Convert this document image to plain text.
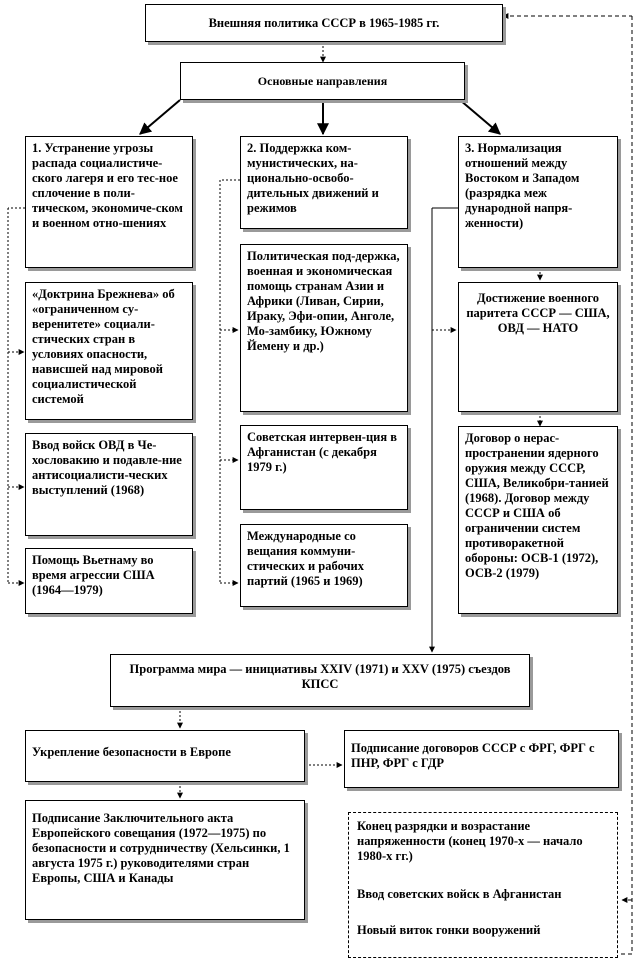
Внешняя политика СССР в 1965-1985 гг.
Основные направления
1. Устранение угрозы распада социалистиче-ского лагеря и его тес-ное сплочение в поли-тическом, экономиче-ском и военном отно-шениях
«Доктрина Брежнева» об «ограниченном су-веренитете» социали-стических стран в условиях опасности, нависшей над мировой социалистической системой
Ввод войск ОВД в Че-хословакию и подавле-ние антисоциалисти-ческих выступлений (1968)
Помощь Вьетнаму во время агрессии США (1964—1979)
2. Поддержка ком-мунистических, на-ционально-освобо-дительных движений и режимов
Политическая под-держка, военная и экономическая помощь странам Азии и Африки (Ливан, Сирии, Ираку, Эфи-опии, Анголе, Мо-замбику, Южному Йемену и др.)
Советская интервен-ция в Афганистан (с декабря 1979 г.)
Международные со вещания коммуни-стических и рабочих партий (1965 и 1969)
3. Нормализация отношений между Востоком и Западом (разрядка меж дународной напря-женности)
Достижение военного паритета СССР — США, ОВД — НАТО
Договор о нерас-пространении ядерного оружия между СССР, США, Великобри-танией (1968). Договор между СССР и США об ограничении систем противоракетной обороны: ОСВ-1 (1972), ОСВ-2 (1979)
Программа мира — инициативы XXIV (1971) и XXV (1975) съездов КПСС
Укрепление безопасности в Европе	Подписание договоров СССР с ФРГ, ФРГ с ПНР, ФРГ с ГДР
Подписание Заключительного акта Европейского совещания (1972—1975) по безопасности и сотрудничеству (Хельсинки, 1 августа 1975 г.) руководителями стран Европы, США и Канады

Конец разрядки и возрастание напряженности (конец 1970-х — начало 1980-х гг.)

Ввод советских войск в Афганистан

Новый виток гонки вооружений
